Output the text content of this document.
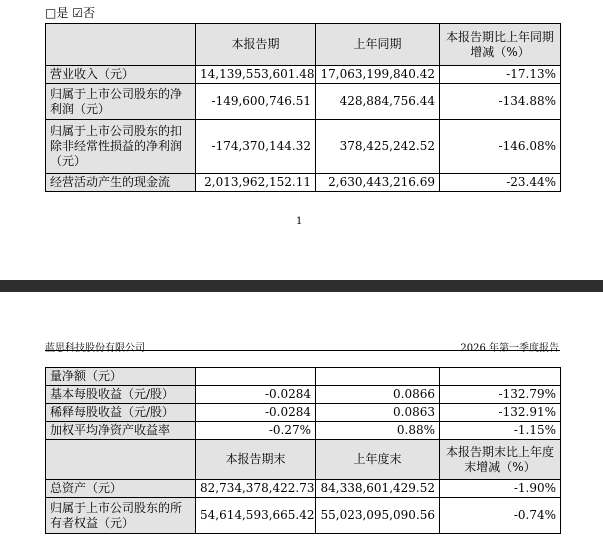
□是 ☑否
	本报告期	上年同期	本报告期比上年同期增减（%）
营业收入（元）	14,139,553,601.48	17,063,199,840.42	-17.13%
归属于上市公司股东的净利润（元）	-149,600,746.51	428,884,756.44	-134.88%
归属于上市公司股东的扣除非经常性损益的净利润（元）	-174,370,144.32	378,425,242.52	-146.08%
经营活动产生的现金流	2,013,962,152.11	2,630,443,216.69	-23.44%
1
蓝思科技股份有限公司	2026 年第一季度报告
量净额（元）			
基本每股收益（元/股）	-0.0284	0.0866	-132.79%
稀释每股收益（元/股）	-0.0284	0.0863	-132.91%
加权平均净资产收益率	-0.27%	0.88%	-1.15%
	本报告期末	上年度末	本报告期末比上年度末增减（%）
总资产（元）	82,734,378,422.73	84,338,601,429.52	-1.90%
归属于上市公司股东的所有者权益（元）	54,614,593,665.42	55,023,095,090.56	-0.74%
